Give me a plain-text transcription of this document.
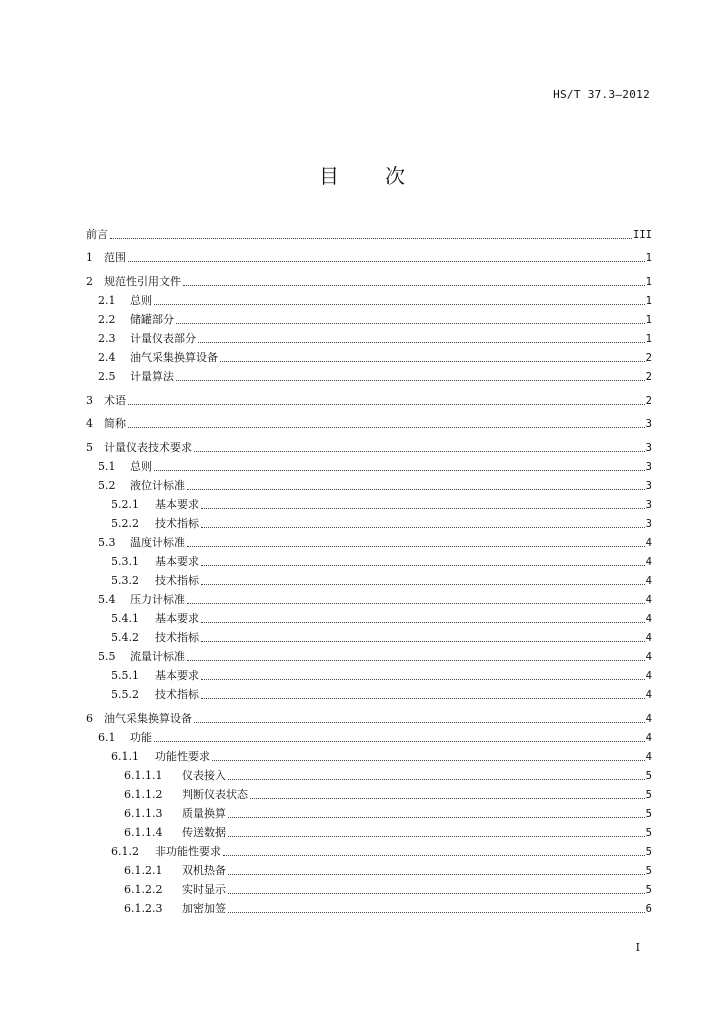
HS/T 37.3—2012
目 次
前言	III
1	范围	1
2	规范性引用文件	1
2.1	总则	1
2.2	储罐部分	1
2.3	计量仪表部分	1
2.4	油气采集换算设备	2
2.5	计量算法	2
3	术语	2
4	简称	3
5	计量仪表技术要求	3
5.1	总则	3
5.2	液位计标准	3
5.2.1	基本要求	3
5.2.2	技术指标	3
5.3	温度计标准	4
5.3.1	基本要求	4
5.3.2	技术指标	4
5.4	压力计标准	4
5.4.1	基本要求	4
5.4.2	技术指标	4
5.5	流量计标准	4
5.5.1	基本要求	4
5.5.2	技术指标	4
6	油气采集换算设备	4
6.1	功能	4
6.1.1	功能性要求	4
6.1.1.1	仪表接入	5
6.1.1.2	判断仪表状态	5
6.1.1.3	质量换算	5
6.1.1.4	传送数据	5
6.1.2	非功能性要求	5
6.1.2.1	双机热备	5
6.1.2.2	实时显示	5
6.1.2.3	加密加签	6
I
